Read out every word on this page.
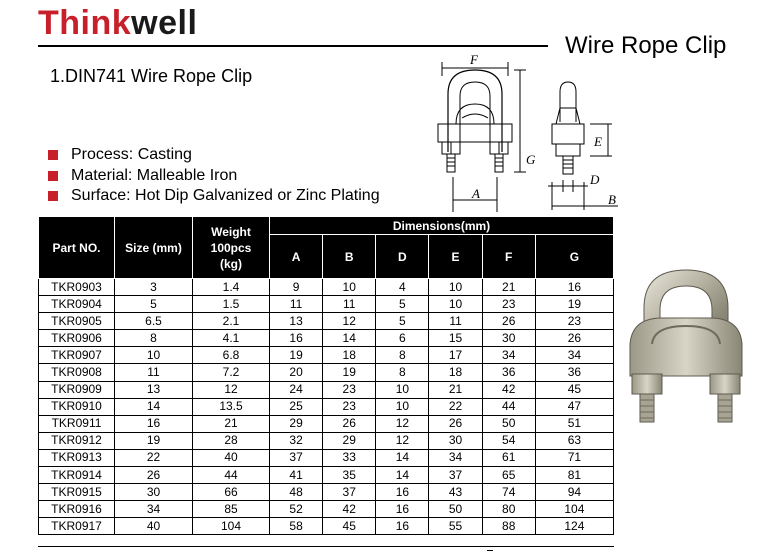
Thinkwell
Wire Rope Clip
1.DIN741 Wire Rope Clip
Process: Casting
Material: Malleable Iron
Surface: Hot Dip Galvanized or Zinc Plating
F
G
A
E
D
B
Part NO.	Size (mm)	Weight 100pcs (kg)	Dimensions(mm)					
			A	B	D	E	F	G
TKR0903	3	1.4	9	10	4	10	21	16
TKR0904	5	1.5	11	11	5	10	23	19
TKR0905	6.5	2.1	13	12	5	11	26	23
TKR0906	8	4.1	16	14	6	15	30	26
TKR0907	10	6.8	19	18	8	17	34	34
TKR0908	11	7.2	20	19	8	18	36	36
TKR0909	13	12	24	23	10	21	42	45
TKR0910	14	13.5	25	23	10	22	44	47
TKR0911	16	21	29	26	12	26	50	51
TKR0912	19	28	32	29	12	30	54	63
TKR0913	22	40	37	33	14	34	61	71
TKR0914	26	44	41	35	14	37	65	81
TKR0915	30	66	48	37	16	43	74	94
TKR0916	34	85	52	42	16	50	80	104
TKR0917	40	104	58	45	16	55	88	124
